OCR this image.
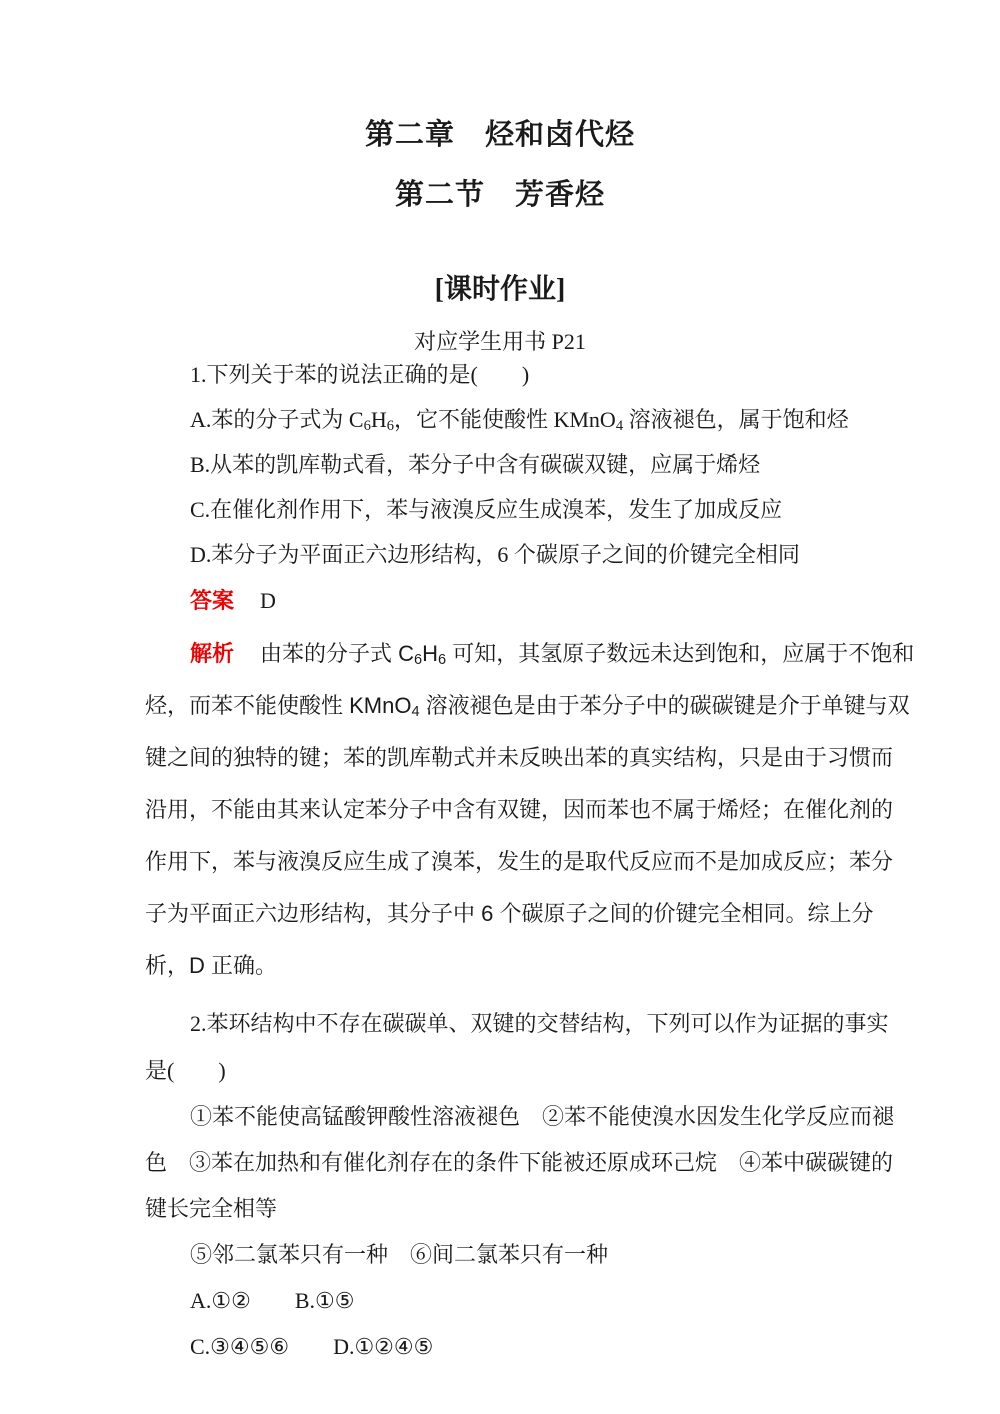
第二章　烃和卤代烃
第二节　芳香烃
[课时作业]
对应学生用书 P21
1.下列关于苯的说法正确的是(　　)
A.苯的分子式为 $C_6H_6$，它不能使酸性 KMnO$_4$ 溶液褪色，属于饱和烃
B.从苯的凯库勒式看，苯分子中含有碳碳双键，应属于烯烃
C.在催化剂作用下，苯与液溴反应生成溴苯，发生了加成反应
D.苯分子为平面正六边形结构，6 个碳原子之间的价键完全相同
答案 D
解析 由苯的分子式 $C_6H_6$ 可知，其氢原子数远未达到饱和，应属于不饱和
烃，而苯不能使酸性 KMnO$_4$ 溶液褪色是由于苯分子中的碳碳键是介于单键与双
键之间的独特的键；苯的凯库勒式并未反映出苯的真实结构，只是由于习惯而
沿用，不能由其来认定苯分子中含有双键，因而苯也不属于烯烃；在催化剂的
作用下，苯与液溴反应生成了溴苯，发生的是取代反应而不是加成反应；苯分
子为平面正六边形结构，其分子中 6 个碳原子之间的价键完全相同。综上分
析，D 正确。
2.苯环结构中不存在碳碳单、双键的交替结构，下列可以作为证据的事实
是(　　)
①苯不能使高锰酸钾酸性溶液褪色　②苯不能使溴水因发生化学反应而褪
色　③苯在加热和有催化剂存在的条件下能被还原成环己烷　④苯中碳碳键的
键长完全相等
⑤邻二氯苯只有一种　⑥间二氯苯只有一种
A.①②　　B.①⑤
C.③④⑤⑥　　D.①②④⑤
